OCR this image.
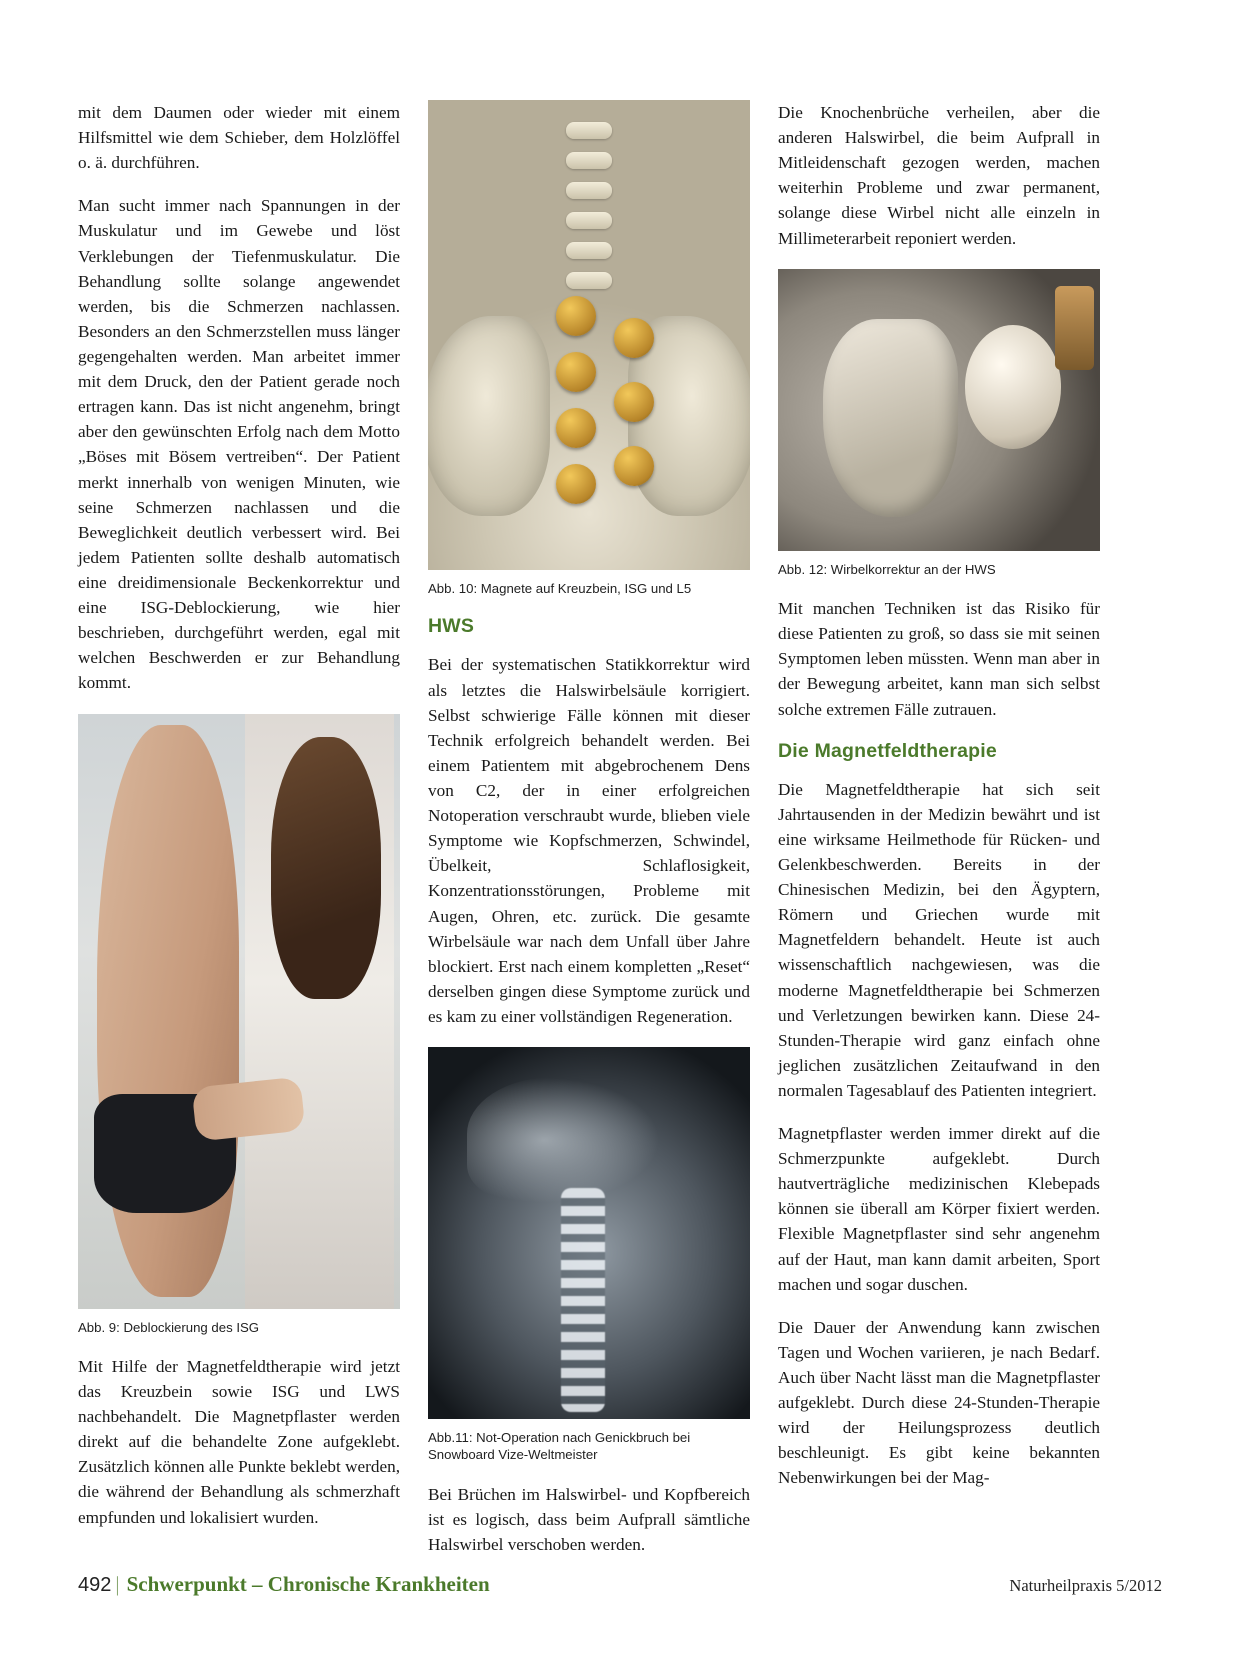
mit dem Daumen oder wieder mit einem Hilfsmittel wie dem Schieber, dem Holzlöffel o. ä. durchführen.

Man sucht immer nach Spannungen in der Muskulatur und im Gewebe und löst Verklebungen der Tiefenmuskulatur. Die Behandlung sollte solange angewendet werden, bis die Schmerzen nachlassen. Besonders an den Schmerzstellen muss länger gegengehalten werden. Man arbeitet immer mit dem Druck, den der Patient gerade noch ertragen kann. Das ist nicht angenehm, bringt aber den gewünschten Erfolg nach dem Motto „Böses mit Bösem vertreiben“. Der Patient merkt innerhalb von wenigen Minuten, wie seine Schmerzen nachlassen und die Beweglichkeit deutlich verbessert wird. Bei jedem Patienten sollte deshalb automatisch eine dreidimensionale Beckenkorrektur und eine ISG-Deblockierung, wie hier beschrieben, durchgeführt werden, egal mit welchen Beschwerden er zur Behandlung kommt.

Abb. 9: Deblockierung des ISG

Mit Hilfe der Magnetfeldtherapie wird jetzt das Kreuzbein sowie ISG und LWS nachbehandelt. Die Magnetpflaster werden direkt auf die behandelte Zone aufgeklebt. Zusätzlich können alle Punkte beklebt werden, die während der Behandlung als schmerzhaft empfunden und lokalisiert wurden.

Abb. 10: Magnete auf Kreuzbein, ISG und L5
HWS

Bei der systematischen Statikkorrektur wird als letztes die Halswirbelsäule korrigiert. Selbst schwierige Fälle können mit dieser Technik erfolgreich behandelt werden. Bei einem Patientem mit abgebrochenem Dens von C2, der in einer erfolgreichen Notoperation verschraubt wurde, blieben viele Symptome wie Kopfschmerzen, Schwindel, Übelkeit, Schlaflosigkeit, Konzentrationsstörungen, Probleme mit Augen, Ohren, etc. zurück. Die gesamte Wirbelsäule war nach dem Unfall über Jahre blockiert. Erst nach einem kompletten „Reset“ derselben gingen diese Symptome zurück und es kam zu einer vollständigen Regeneration.

Abb.11: Not-Operation nach Genickbruch bei Snowboard Vize-Weltmeister

Bei Brüchen im Halswirbel- und Kopfbereich ist es logisch, dass beim Aufprall sämtliche Halswirbel verschoben werden.

Die Knochenbrüche verheilen, aber die anderen Halswirbel, die beim Aufprall in Mitleidenschaft gezogen werden, machen weiterhin Probleme und zwar permanent, solange diese Wirbel nicht alle einzeln in Millimeterarbeit reponiert werden.

Abb. 12: Wirbelkorrektur an der HWS

Mit manchen Techniken ist das Risiko für diese Patienten zu groß, so dass sie mit seinen Symptomen leben müssten. Wenn man aber in der Bewegung arbeitet, kann man sich selbst solche extremen Fälle zutrauen.

Die Magnetfeldtherapie

Die Magnetfeldtherapie hat sich seit Jahrtausenden in der Medizin bewährt und ist eine wirksame Heilmethode für Rücken- und Gelenkbeschwerden. Bereits in der Chinesischen Medizin, bei den Ägyptern, Römern und Griechen wurde mit Magnetfeldern behandelt. Heute ist auch wissenschaftlich nachgewiesen, was die moderne Magnetfeldtherapie bei Schmerzen und Verletzungen bewirken kann. Diese 24-Stunden-Therapie wird ganz einfach ohne jeglichen zusätzlichen Zeitaufwand in den normalen Tagesablauf des Patienten integriert.

Magnetpflaster werden immer direkt auf die Schmerzpunkte aufgeklebt. Durch hautverträgliche medizinischen Klebepads können sie überall am Körper fixiert werden. Flexible Magnetpflaster sind sehr angenehm auf der Haut, man kann damit arbeiten, Sport machen und sogar duschen.

Die Dauer der Anwendung kann zwischen Tagen und Wochen variieren, je nach Bedarf. Auch über Nacht lässt man die Magnetpflaster aufgeklebt. Durch diese 24-Stunden-Therapie wird der Heilungsprozess deutlich beschleunigt. Es gibt keine bekannten Nebenwirkungen bei der Mag-

492 | Schwerpunkt – Chronische Krankheiten	Naturheilpraxis 5/2012
